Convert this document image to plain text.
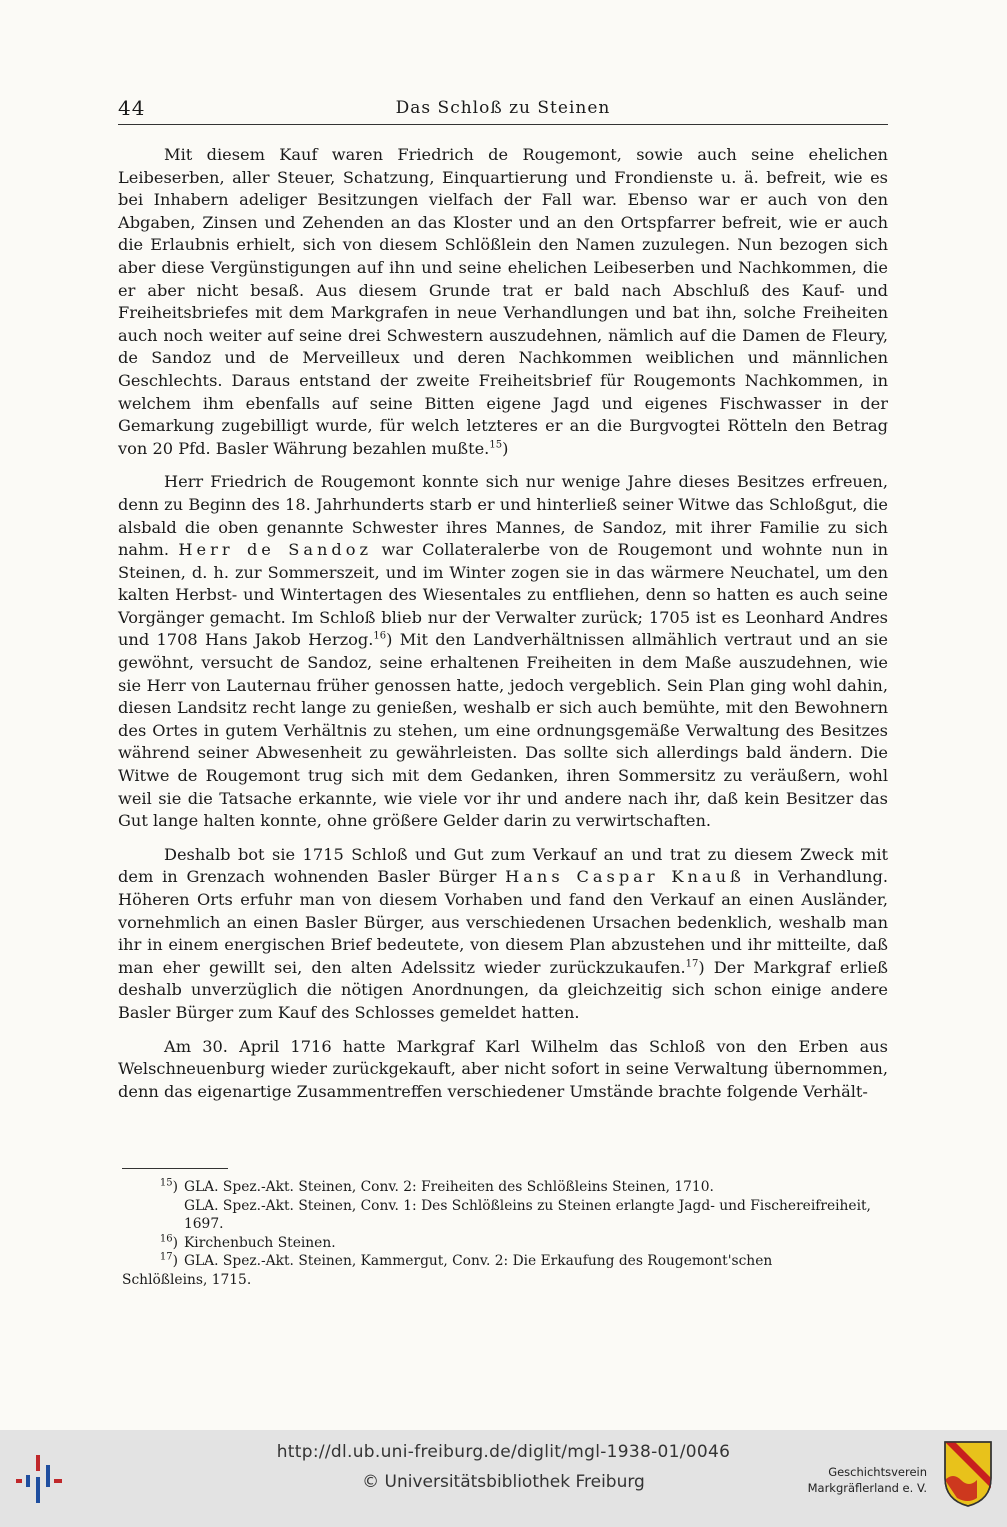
44	Das Schloß zu Steinen

Mit diesem Kauf waren Friedrich de Rougemont, sowie auch seine ehelichen Leibeserben, aller Steuer, Schatzung, Einquartierung und Frondienste u. ä. befreit, wie es bei Inhabern adeliger Besitzungen vielfach der Fall war. Ebenso war er auch von den Abgaben, Zinsen und Zehenden an das Kloster und an den Ortspfarrer befreit, wie er auch die Erlaubnis erhielt, sich von diesem Schlößlein den Namen zuzulegen. Nun bezogen sich aber diese Vergünstigungen auf ihn und seine ehelichen Leibeserben und Nachkommen, die er aber nicht besaß. Aus diesem Grunde trat er bald nach Abschluß des Kauf- und Freiheitsbriefes mit dem Markgrafen in neue Verhandlungen und bat ihn, solche Freiheiten auch noch weiter auf seine drei Schwestern auszudehnen, nämlich auf die Damen de Fleury, de Sandoz und de Merveilleux und deren Nachkommen weiblichen und männlichen Geschlechts. Daraus entstand der zweite Freiheitsbrief für Rougemonts Nachkommen, in welchem ihm ebenfalls auf seine Bitten eigene Jagd und eigenes Fischwasser in der Gemarkung zugebilligt wurde, für welch letzteres er an die Burgvogtei Rötteln den Betrag von 20 Pfd. Basler Währung bezahlen mußte.$^{15}$)

Herr Friedrich de Rougemont konnte sich nur wenige Jahre dieses Besitzes erfreuen, denn zu Beginn des 18. Jahrhunderts starb er und hinterließ seiner Witwe das Schloßgut, die alsbald die oben genannte Schwester ihres Mannes, de Sandoz, mit ihrer Familie zu sich nahm. Herr de Sandoz war Collateralerbe von de Rougemont und wohnte nun in Steinen, d. h. zur Sommerszeit, und im Winter zogen sie in das wärmere Neuchatel, um den kalten Herbst- und Wintertagen des Wiesentales zu entfliehen, denn so hatten es auch seine Vorgänger gemacht. Im Schloß blieb nur der Verwalter zurück; 1705 ist es Leonhard Andres und 1708 Hans Jakob Herzog.$^{16}$) Mit den Landverhältnissen allmählich vertraut und an sie gewöhnt, versucht de Sandoz, seine erhaltenen Freiheiten in dem Maße auszudehnen, wie sie Herr von Lauternau früher genossen hatte, jedoch vergeblich. Sein Plan ging wohl dahin, diesen Landsitz recht lange zu genießen, weshalb er sich auch bemühte, mit den Bewohnern des Ortes in gutem Verhältnis zu stehen, um eine ordnungsgemäße Verwaltung des Besitzes während seiner Abwesenheit zu gewährleisten. Das sollte sich allerdings bald ändern. Die Witwe de Rougemont trug sich mit dem Gedanken, ihren Sommersitz zu veräußern, wohl weil sie die Tatsache erkannte, wie viele vor ihr und andere nach ihr, daß kein Besitzer das Gut lange halten konnte, ohne größere Gelder darin zu verwirtschaften.

Deshalb bot sie 1715 Schloß und Gut zum Verkauf an und trat zu diesem Zweck mit dem in Grenzach wohnenden Basler Bürger Hans Caspar Knauß in Verhandlung. Höheren Orts erfuhr man von diesem Vorhaben und fand den Verkauf an einen Ausländer, vornehmlich an einen Basler Bürger, aus verschiedenen Ursachen bedenklich, weshalb man ihr in einem energischen Brief bedeutete, von diesem Plan abzustehen und ihr mitteilte, daß man eher gewillt sei, den alten Adelssitz wieder zurückzukaufen.$^{17}$) Der Markgraf erließ deshalb unverzüglich die nötigen Anordnungen, da gleichzeitig sich schon einige andere Basler Bürger zum Kauf des Schlosses gemeldet hatten.

Am 30. April 1716 hatte Markgraf Karl Wilhelm das Schloß von den Erben aus Welschneuenburg wieder zurückgekauft, aber nicht sofort in seine Verwaltung übernommen, denn das eigenartige Zusammentreffen verschiedener Umstände brachte folgende Verhält-

$^{15}$) GLA. Spez.-Akt. Steinen, Conv. 2: Freiheiten des Schlößleins Steinen, 1710.
GLA. Spez.-Akt. Steinen, Conv. 1: Des Schlößleins zu Steinen erlangte Jagd- und Fischereifreiheit, 1697.
$^{16}$) Kirchenbuch Steinen.
$^{17}$) GLA. Spez.-Akt. Steinen, Kammergut, Conv. 2: Die Erkaufung des Rougemont'schen
Schlößleins, 1715.
http://dl.ub.uni-freiburg.de/diglit/mgl-1938-01/0046
© Universitätsbibliothek Freiburg	Geschichtsverein
Markgräflerland e. V.
